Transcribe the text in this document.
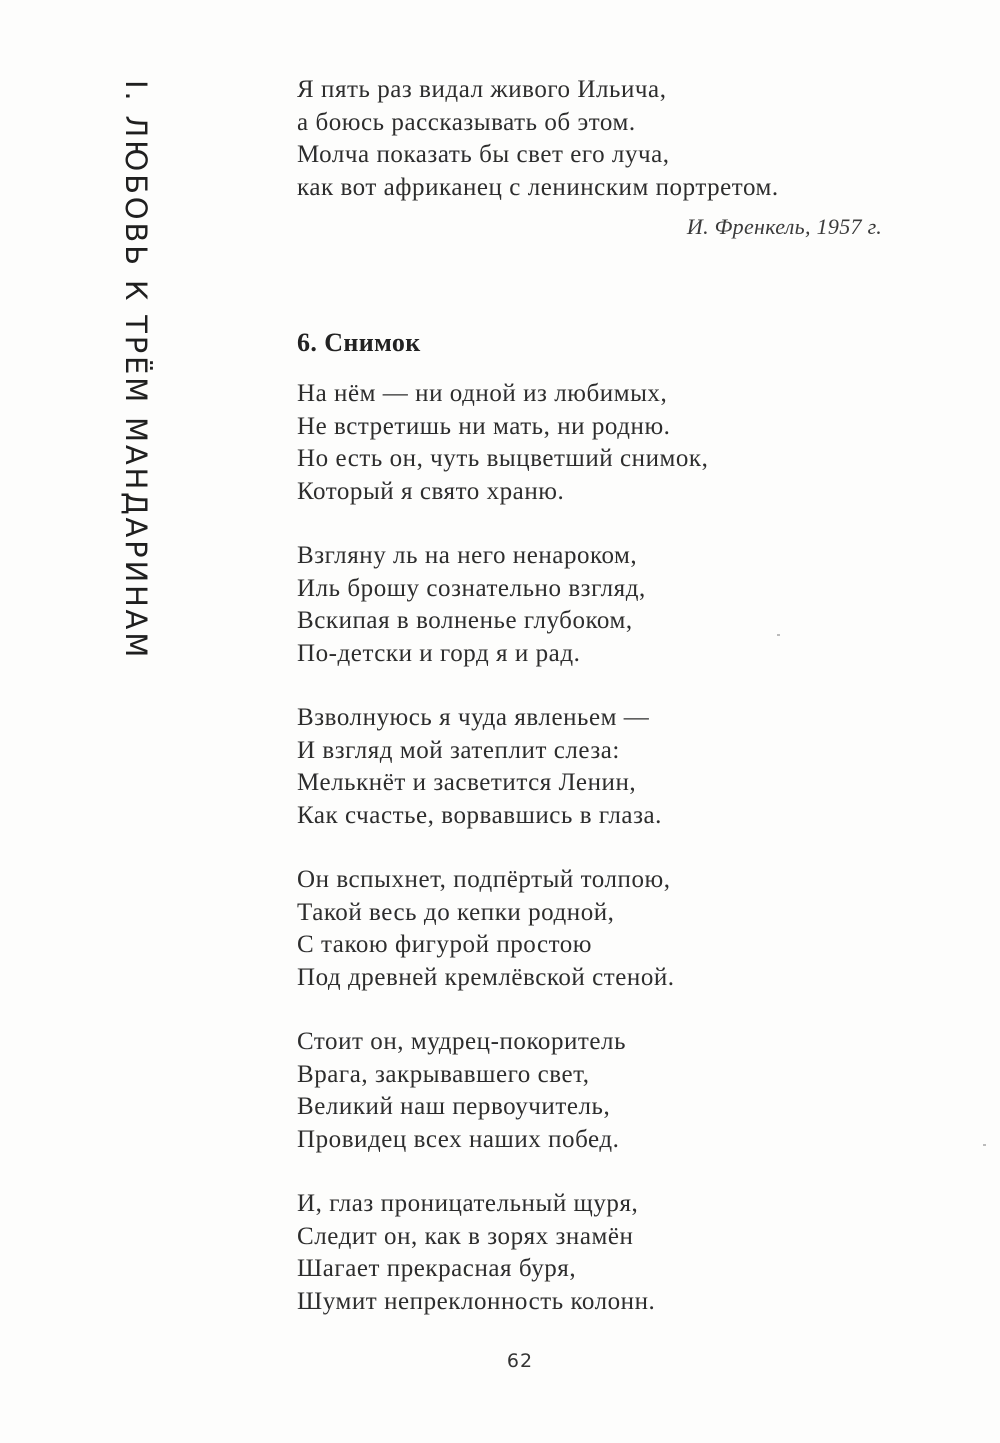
I. ЛЮБОВЬ К ТРЁМ МАНДАРИНАМ	Я пять раз видал живого Ильича,
а боюсь рассказывать об этом.
Молча показать бы свет его луча,
как вот африканец с ленинским портретом.
И. Френкель, 1957 г.
6. Снимок
На нём — ни одной из любимых,
Не встретишь ни мать, ни родню.
Но есть он, чуть выцветший снимок,
Который я свято храню.
Взгляну ль на него ненароком,
Иль брошу сознательно взгляд,
Вскипая в волненье глубоком,
По-детски и горд я и рад.
Взволнуюсь я чуда явленьем —
И взгляд мой затеплит слеза:
Мелькнёт и засветится Ленин,
Как счастье, ворвавшись в глаза.
Он вспыхнет, подпёртый толпою,
Такой весь до кепки родной,
С такою фигурой простою
Под древней кремлёвской стеной.
Стоит он, мудрец-покоритель
Врага, закрывавшего свет,
Великий наш первоучитель,
Провидец всех наших побед.
И, глаз проницательный щуря,
Следит он, как в зорях знамён
Шагает прекрасная буря,
Шумит непреклонность колонн.
62
